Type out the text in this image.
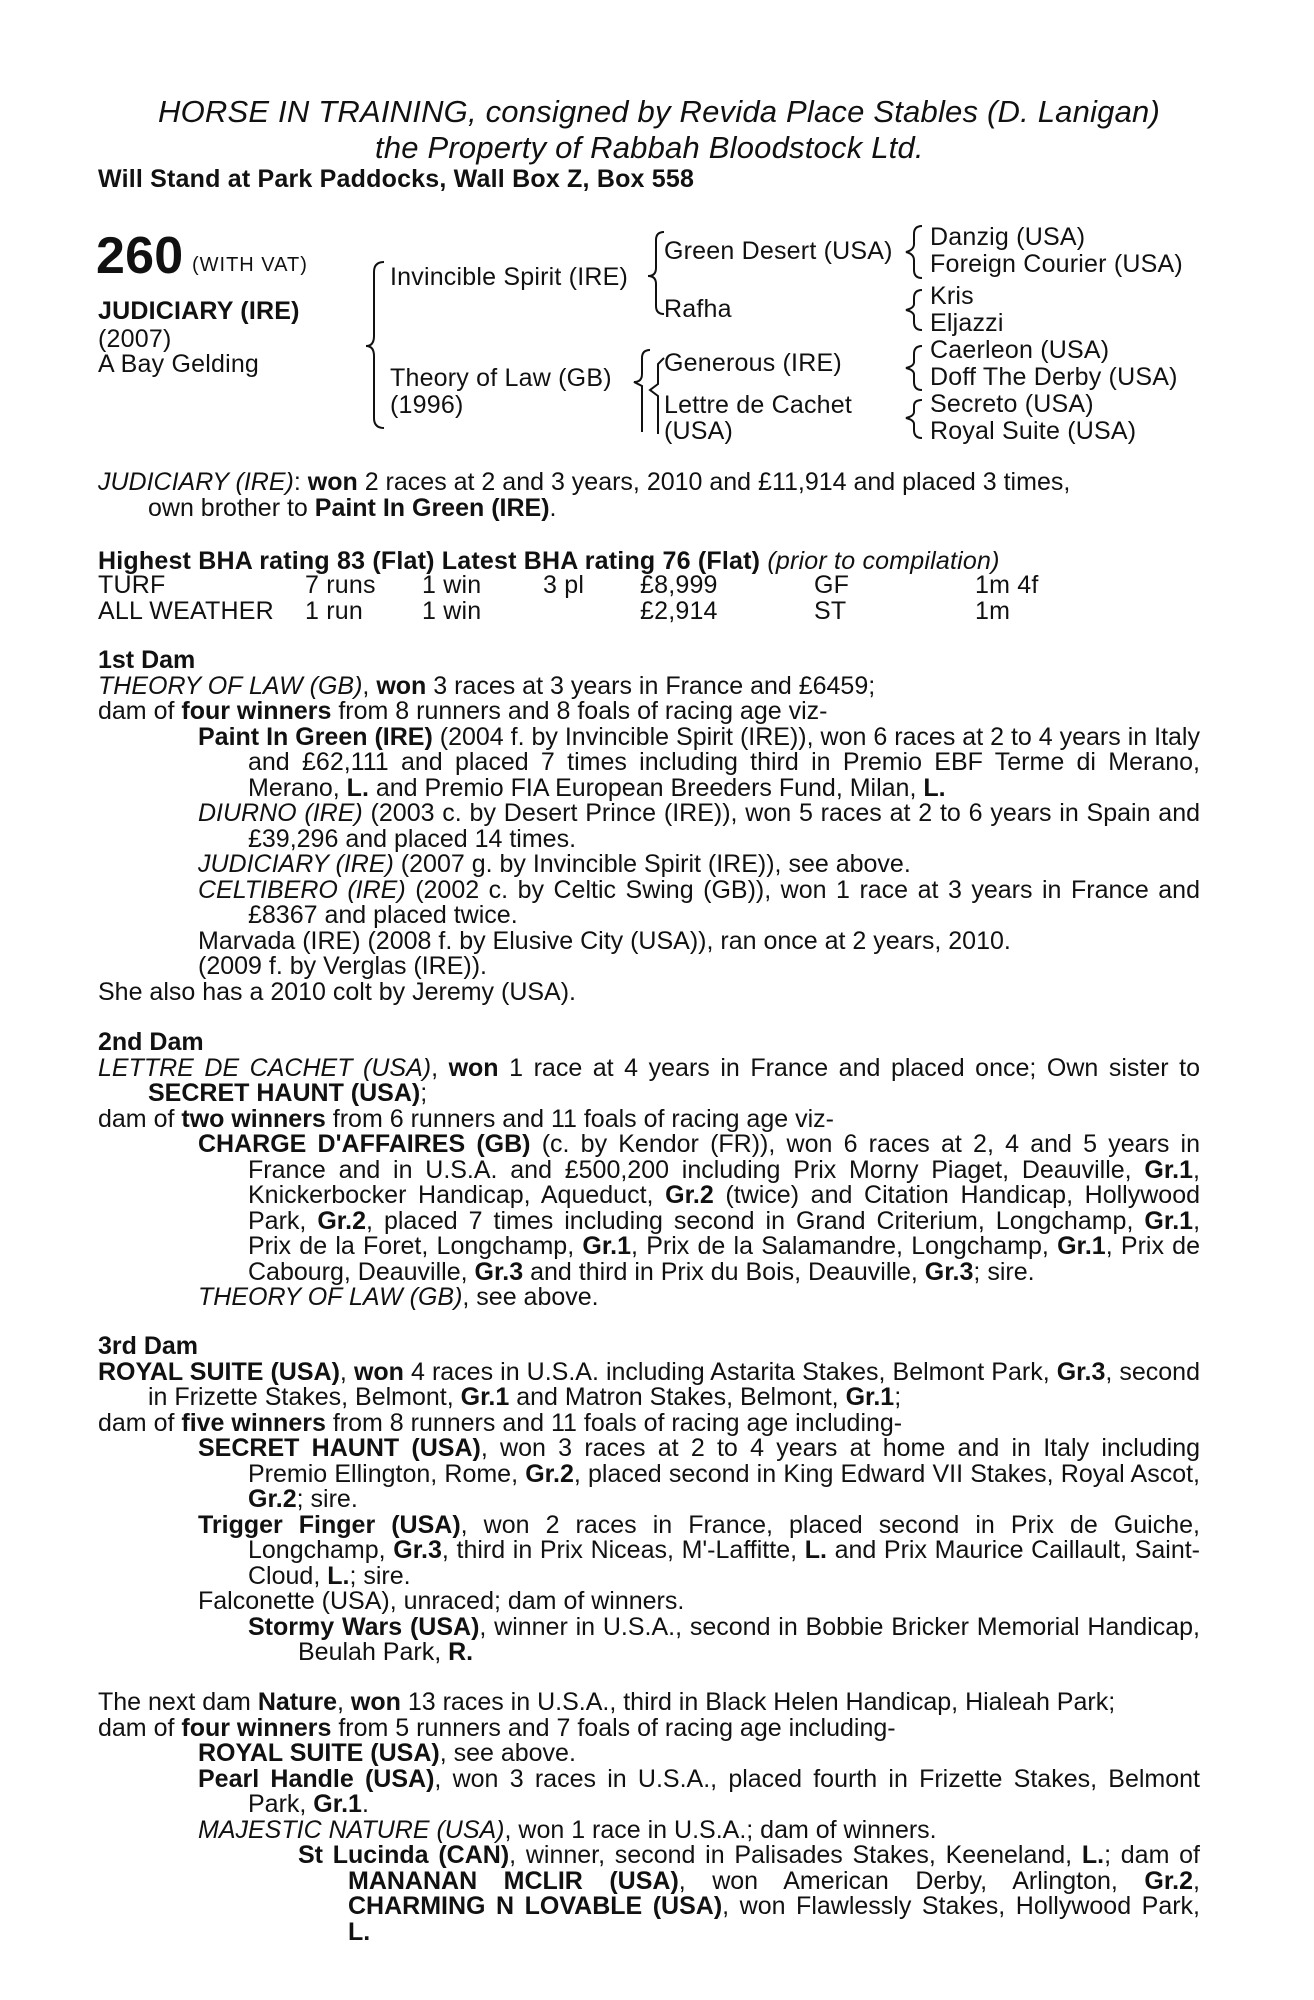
HORSE IN TRAINING, consigned by Revida Place Stables (D. Lanigan)
the Property of Rabbah Bloodstock Ltd.
Will Stand at Park Paddocks, Wall Box Z, Box 558
260 (WITH VAT)
JUDICIARY (IRE)
(2007)
A Bay Gelding
Invincible Spirit (IRE)
Theory of Law (GB)
(1996)
Green Desert (USA)
Rafha
Generous (IRE)
Lettre de Cachet
(USA)
Danzig (USA)
Foreign Courier (USA)
Kris
Eljazzi
Caerleon (USA)
Doff The Derby (USA)
Secreto (USA)
Royal Suite (USA)

JUDICIARY (IRE): won 2 races at 2 and 3 years, 2010 and £11,914 and placed 3 times,

own brother to Paint In Green (IRE).

Highest BHA rating 83 (Flat) Latest BHA rating 76 (Flat) (prior to compilation)
TURF	7 runs 1 win 3 pl £8,999	GF	1m 4f
ALL WEATHER 1 run 1 win	£2,914	ST	1m

1st Dam

THEORY OF LAW (GB), won 3 races at 3 years in France and £6459;

dam of four winners from 8 runners and 8 foals of racing age viz-

Paint In Green (IRE) (2004 f. by Invincible Spirit (IRE)), won 6 races at 2 to 4 years in Italy and £62,111 and placed 7 times including third in Premio EBF Terme di Merano, Merano, L. and Premio FIA European Breeders Fund, Milan, L.

DIURNO (IRE) (2003 c. by Desert Prince (IRE)), won 5 races at 2 to 6 years in Spain and £39,296 and placed 14 times.

JUDICIARY (IRE) (2007 g. by Invincible Spirit (IRE)), see above.

CELTIBERO (IRE) (2002 c. by Celtic Swing (GB)), won 1 race at 3 years in France and £8367 and placed twice.

Marvada (IRE) (2008 f. by Elusive City (USA)), ran once at 2 years, 2010.

(2009 f. by Verglas (IRE)).

She also has a 2010 colt by Jeremy (USA).

2nd Dam

LETTRE DE CACHET (USA), won 1 race at 4 years in France and placed once; Own sister to SECRET HAUNT (USA);

dam of two winners from 6 runners and 11 foals of racing age viz-

CHARGE D'AFFAIRES (GB) (c. by Kendor (FR)), won 6 races at 2, 4 and 5 years in France and in U.S.A. and £500,200 including Prix Morny Piaget, Deauville, Gr.1, Knickerbocker Handicap, Aqueduct, Gr.2 (twice) and Citation Handicap, Hollywood Park, Gr.2, placed 7 times including second in Grand Criterium, Longchamp, Gr.1, Prix de la Foret, Longchamp, Gr.1, Prix de la Salamandre, Longchamp, Gr.1, Prix de Cabourg, Deauville, Gr.3 and third in Prix du Bois, Deauville, Gr.3; sire.

THEORY OF LAW (GB), see above.

3rd Dam

ROYAL SUITE (USA), won 4 races in U.S.A. including Astarita Stakes, Belmont Park, Gr.3, second in Frizette Stakes, Belmont, Gr.1 and Matron Stakes, Belmont, Gr.1;

dam of five winners from 8 runners and 11 foals of racing age including-

SECRET HAUNT (USA), won 3 races at 2 to 4 years at home and in Italy including Premio Ellington, Rome, Gr.2, placed second in King Edward VII Stakes, Royal Ascot, Gr.2; sire.

Trigger Finger (USA), won 2 races in France, placed second in Prix de Guiche, Longchamp, Gr.3, third in Prix Niceas, M'-Laffitte, L. and Prix Maurice Caillault, Saint-Cloud, L.; sire.

Falconette (USA), unraced; dam of winners.

Stormy Wars (USA), winner in U.S.A., second in Bobbie Bricker Memorial Handicap, Beulah Park, R.

The next dam Nature, won 13 races in U.S.A., third in Black Helen Handicap, Hialeah Park;

dam of four winners from 5 runners and 7 foals of racing age including-

ROYAL SUITE (USA), see above.

Pearl Handle (USA), won 3 races in U.S.A., placed fourth in Frizette Stakes, Belmont Park, Gr.1.

MAJESTIC NATURE (USA), won 1 race in U.S.A.; dam of winners.

St Lucinda (CAN), winner, second in Palisades Stakes, Keeneland, L.; dam of MANANAN MCLIR (USA), won American Derby, Arlington, Gr.2, CHARMING N LOVABLE (USA), won Flawlessly Stakes, Hollywood Park, L.
